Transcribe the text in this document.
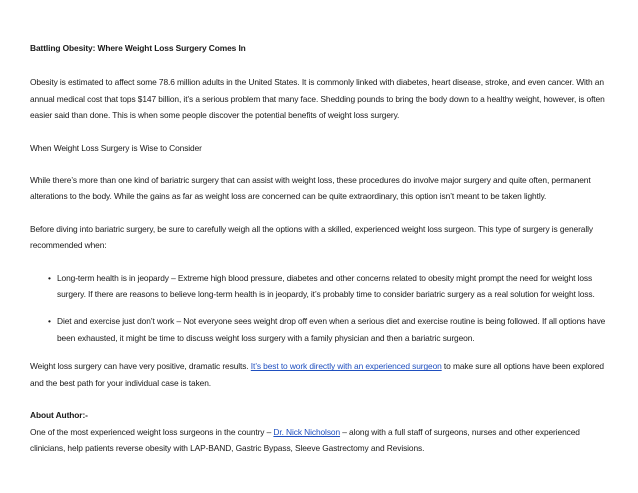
Battling Obesity: Where Weight Loss Surgery Comes In

Obesity is estimated to affect some 78.6 million adults in the United States. It is commonly linked with diabetes, heart disease, stroke, and even cancer. With an annual medical cost that tops $147 billion, it’s a serious problem that many face. Shedding pounds to bring the body down to a healthy weight, however, is often easier said than done. This is when some people discover the potential benefits of weight loss surgery.

When Weight Loss Surgery is Wise to Consider

While there’s more than one kind of bariatric surgery that can assist with weight loss, these procedures do involve major surgery and quite often, permanent alterations to the body. While the gains as far as weight loss are concerned can be quite extraordinary, this option isn’t meant to be taken lightly.

Before diving into bariatric surgery, be sure to carefully weigh all the options with a skilled, experienced weight loss surgeon. This type of surgery is generally recommended when:

• Long-term health is in jeopardy – Extreme high blood pressure, diabetes and other concerns related to obesity might prompt the need for weight loss surgery. If there are reasons to believe long-term health is in jeopardy, it’s probably time to consider bariatric surgery as a real solution for weight loss.
• Diet and exercise just don’t work – Not everyone sees weight drop off even when a serious diet and exercise routine is being followed. If all options have been exhausted, it might be time to discuss weight loss surgery with a family physician and then a bariatric surgeon.

Weight loss surgery can have very positive, dramatic results. It’s best to work directly with an experienced surgeon to make sure all options have been explored and the best path for your individual case is taken.

About Author:-
One of the most experienced weight loss surgeons in the country – Dr. Nick Nicholson – along with a full staff of surgeons, nurses and other experienced clinicians, help patients reverse obesity with LAP-BAND, Gastric Bypass, Sleeve Gastrectomy and Revisions.
